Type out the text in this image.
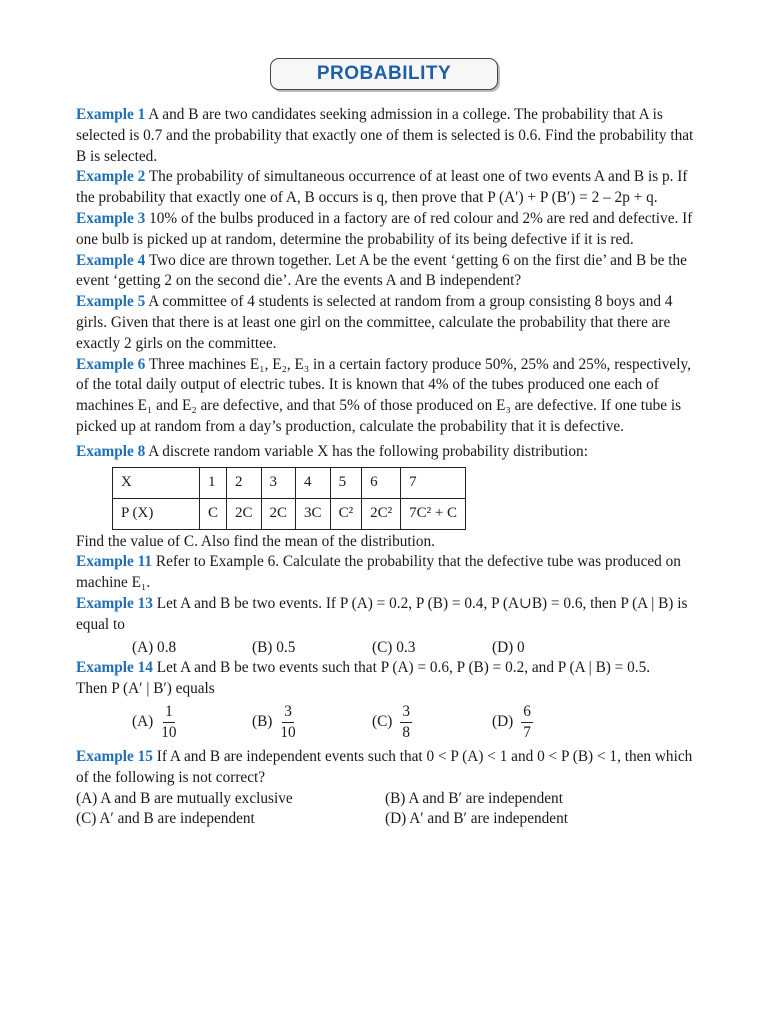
PROBABILITY
Example 1 A and B are two candidates seeking admission in a college. The probability that A is selected is 0.7 and the probability that exactly one of them is selected is 0.6. Find the probability that B is selected.
Example 2 The probability of simultaneous occurrence of at least one of two events A and B is p. If the probability that exactly one of A, B occurs is q, then prove that P (A′) + P (B′) = 2 – 2p + q.
Example 3 10% of the bulbs produced in a factory are of red colour and 2% are red and defective. If one bulb is picked up at random, determine the probability of its being defective if it is red.
Example 4 Two dice are thrown together. Let A be the event ‘getting 6 on the first die’ and B be the event ‘getting 2 on the second die’. Are the events A and B independent?
Example 5 A committee of 4 students is selected at random from a group consisting 8 boys and 4 girls. Given that there is at least one girl on the committee, calculate the probability that there are exactly 2 girls on the committee.
Example 6 Three machines E₁, E₂, E₃ in a certain factory produce 50%, 25% and 25%, respectively, of the total daily output of electric tubes. It is known that 4% of the tubes produced one each of machines E₁ and E₂ are defective, and that 5% of those produced on E₃ are defective. If one tube is picked up at random from a day’s production, calculate the probability that it is defective.
Example 8 A discrete random variable X has the following probability distribution:
X	1	2	3	4	5	6	7
P (X)	C	2C	2C	3C	C²	2C²	7C² + C
Find the value of C. Also find the mean of the distribution.
Example 11 Refer to Example 6. Calculate the probability that the defective tube was produced on machine E₁.
Example 13 Let A and B be two events. If P (A) = 0.2, P (B) = 0.4, P (A∪B) = 0.6, then P (A | B) is equal to
(A) 0.8	(B) 0.5	(C) 0.3	(D) 0
Example 14 Let A and B be two events such that P (A) = 0.6, P (B) = 0.2, and P (A | B) = 0.5.
Then P (A′ | B′) equals
$(A) \frac{1}{10}$	$(B) \frac{3}{10}$	$(C) \frac{3}{8}$	$(D) \frac{6}{7}$
Example 15 If A and B are independent events such that 0 < P (A) < 1 and 0 < P (B) < 1, then which of the following is not correct?
(A) A and B are mutually exclusive	(B) A and B′ are independent
(C) A′ and B are independent	(D) A′ and B′ are independent
